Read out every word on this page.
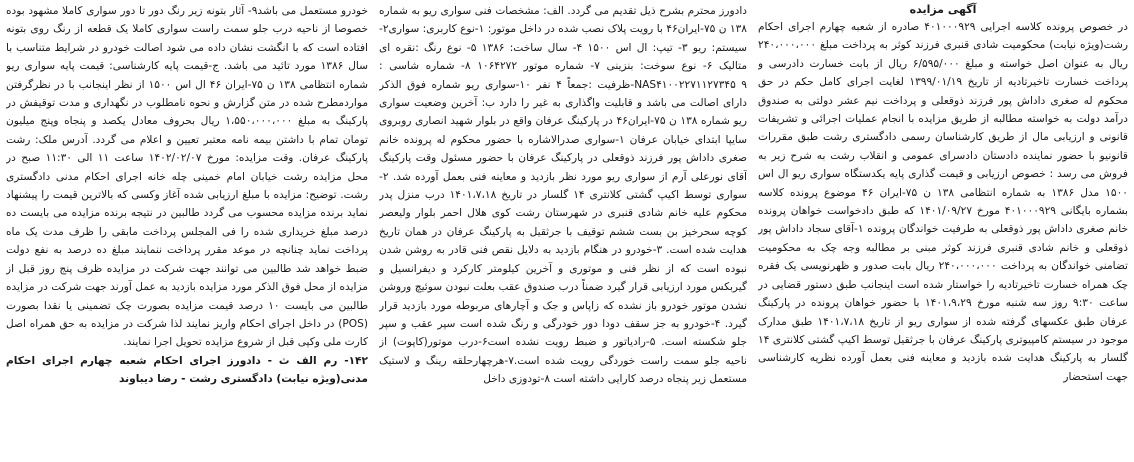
آگهی مزایده

در خصوص پرونده کلاسه اجرایی ۴۰۱۰۰۰۹۲۹ صادره از شعبه چهارم اجرای احکام رشت(ویژه نیابت) محکومیت شادی قنبری فرزند کوثر به پرداخت مبلغ ۲۴۰،۰۰۰،۰۰۰ ریال به عنوان اصل خواسته و مبلغ ۶/۵۹۵/۰۰۰ ریال از بابت خسارت دادرسی و پرداخت خسارت تاخیرتادیه از تاریخ ۱۳۹۹/۰۱/۱۹ لغایت اجرای کامل حکم در حق محکوم له صغری داداش پور فرزند ذوقعلی و پرداخت نیم عشر دولتی به صندوق درآمد دولت به خواسته مطالبه از طریق مزایده با انجام عملیات اجرائی و تشریفات قانونی و ارزیابی مال از طریق کارشناسان رسمی دادگستری رشت طبق مقررات قانونیو با حضور نماینده دادستان دادسرای عمومی و انقلاب رشت به شرح زیر به فروش می رسد : خصوص ارزیابی و قیمت گذاری پایه یکدستگاه سواری ریو ال اس ۱۵۰۰ مدل ۱۳۸۶ به شماره انتظامی ۱۳۸ ن ۷۵-ایران ۴۶ موضوع پرونده کلاسه بشماره بایگانی ۴۰۱۰۰۰۹۲۹ مورخ ۱۴۰۱/۰۹/۲۷ که طبق دادخواست خواهان پرونده خانم صغری داداش پور ذوقعلی به طرفیت خواندگان پرونده ۱-آقای سجاد داداش پور ذوقعلی و خانم شادی قنبری فرزند کوثر مبنی بر مطالبه وجه چک به محکومیت تضامنی خواندگان به پرداخت ۲۴۰،۰۰۰،۰۰۰ ریال بابت صدور و ظهرنویسی یک فقره چک همراه خسارت تاخیرتادیه را خواستار شده است اینجانب طبق دستور قضایی در ساعت ۹:۳۰ روز سه شنبه مورخ ۱۴۰۱،۹،۲۹ با حضور خواهان پرونده در پارکینگ عرفان طبق عکسهای گرفته شده از سواری ریو از تاریخ ۱۴۰۱،۷،۱۸ طبق مدارک موجود در سیستم کامپیوتری پارکینگ عرفان با جرثقیل توسط اکیپ گشتی کلانتری ۱۴ گلسار به پارکینگ هدایت شده بازدید و معاینه فنی بعمل آورده نظریه کارشناسی جهت استحضار

دادورز محترم بشرح ذیل تقدیم می گردد. الف: مشخصات فنی سواری ریو به شماره ۱۳۸ ن ۷۵-ایران۴۶ با رویت پلاک نصب شده در داخل موتور: ۱-نوع کاربری: سواری۲-سیستم: ریو ۳- تیپ: ال اس ۱۵۰۰ ۴- سال ساخت: ۱۳۸۶ ۵- نوع رنگ :نقره ای متالیک ۶- نوع سوخت: بنزینی ۷- شماره موتور ۱۰۶۴۲۷۲ ۸- شماره شاسی : NAS۴۱۰۰۲۲۷۱۱۲۷۳۴۵ ۹-ظرفیت :جمعاً ۴ نفر ۱۰-سواری ریو شماره فوق الذکر دارای اصالت می باشد و قابلیت واگذاری به غیر را دارد ب: آخرین وضعیت سواری ریو شماره ۱۳۸ ن ۷۵-ایران۴۶ در پارکینگ عرفان واقع در بلوار شهید انصاری روبروی سایپا ابتدای خیابان عرفان ۱-سواری صدرالاشاره با حضور محکوم له پرونده خانم صغری داداش پور فرزند ذوقعلی در پارکینگ عرفان با حضور مسئول وقت پارکینگ آقای نورعلی آرم از سواری ریو مورد نظر بازدید و معاینه فنی بعمل آورده شد. ۲-سواری توسط اکیپ گشتی کلانتری ۱۴ گلسار در تاریخ ۱۴۰۱،۷،۱۸ درب منزل پدر محکوم علیه خانم شادی قنبری در شهرستان رشت کوی هلال احمر بلوار ولیعصر کوچه سحرخیز بن بست ششم توقیف با جرثقیل به پارکینگ عرفان در همان تاریخ هدایت شده است. ۳-خودرو در هنگام بازدید به دلایل نقص فنی قادر به روشن شدن نبوده است که از نظر فنی و موتوری و آخرین کیلومتر کارکرد و دیفرانسیل و گیربکس مورد ارزیابی قرار گیرد ضمناً درب صندوق عقب بعلت نبودن سوئیچ وروشن نشدن موتور خودرو باز نشده که زاپاس و جک و آچارهای مربوطه مورد بازدید قرار گیرد. ۴-خودرو به جز سقف دودا دور خودرگی و رنگ شده است سپر عقب و سپر جلو شکسته است. ۵-رادیاتور و ضبط رویت نشده است۶-درب موتور(کاپوت) از ناحیه جلو سمت راست خوردگی رویت شده است.۷-هرچهارحلقه رینگ و لاستیک مستعمل زیر پنجاه درصد کارایی داشته است ۸-تودوزی داخل

خودرو مستعمل می باشد۹- آثار بتونه زیر رنگ دور تا دور سواری کاملا مشهود بوده خصوصا از ناحیه درب جلو سمت راست سواری کاملا یک قطعه از رنگ روی بتونه افتاده است که با انگشت نشان داده می شود اصالت خودرو در شرایط متناسب با سال ۱۳۸۶ مورد تائید می باشد. ج-قیمت پایه کارشناسی: قیمت پایه سواری ریو شماره انتظامی ۱۳۸ ن ۷۵-ایران ۴۶ ال اس ۱۵۰۰ از نظر اینجانب با در نظرگرفتن مواردمطرح شده در متن گزارش و نحوه نامطلوب در نگهداری و مدت توقیفش در پارکینگ به مبلغ ۱،۵۵۰،۰۰۰،۰۰۰ ریال بحروف معادل یکصد و پنجاه وپنج میلیون تومان تمام با داشتن بیمه نامه معتبر تعیین و اعلام می گردد. آدرس ملک: رشت پارکینگ عرفان. وقت مزایده: مورخ ۱۴۰۲/۰۲/۰۷ ساعت ۱۱ الی ۱۱:۳۰ صبح در محل مزایده رشت خیابان امام خمینی چله خانه اجرای احکام مدنی دادگستری رشت. توضیح: مزایده با مبلغ ارزیابی شده آغاز وکسی که بالاترین قیمت را پیشنهاد نماید برنده مزایده محسوب می گردد طالبین در نتیجه برنده مزایده می بایست ده درصد مبلغ خریداری شده را فی المجلس پرداخت مابقی را ظرف مدت یک ماه پرداخت نماید چنانچه در موعد مقرر پرداخت ننمایند مبلغ ده درصد به نفع دولت ضبط خواهد شد طالبین می توانند جهت شرکت در مزایده ظرف پنج روز قبل از مزایده از محل فوق الذکر مورد مزایده بازدید به عمل آورند جهت شرکت در مزایده طالبین می بایست ۱۰ درصد قیمت مزایده بصورت چک تضمینی یا نقدا بصورت (POS) در داخل اجرای احکام واریز نمایند لذا شرکت در مزایده به حق همراه اصل کارت ملی وکپی قبل از شروع مزایده تحویل اجرا نمایند.

۱۴۲- رم الف ث - دادورز اجرای احکام شعبه چهارم اجرای احکام مدنی(ویژه نیابت) دادگستری رشت - رضا دیباوند
